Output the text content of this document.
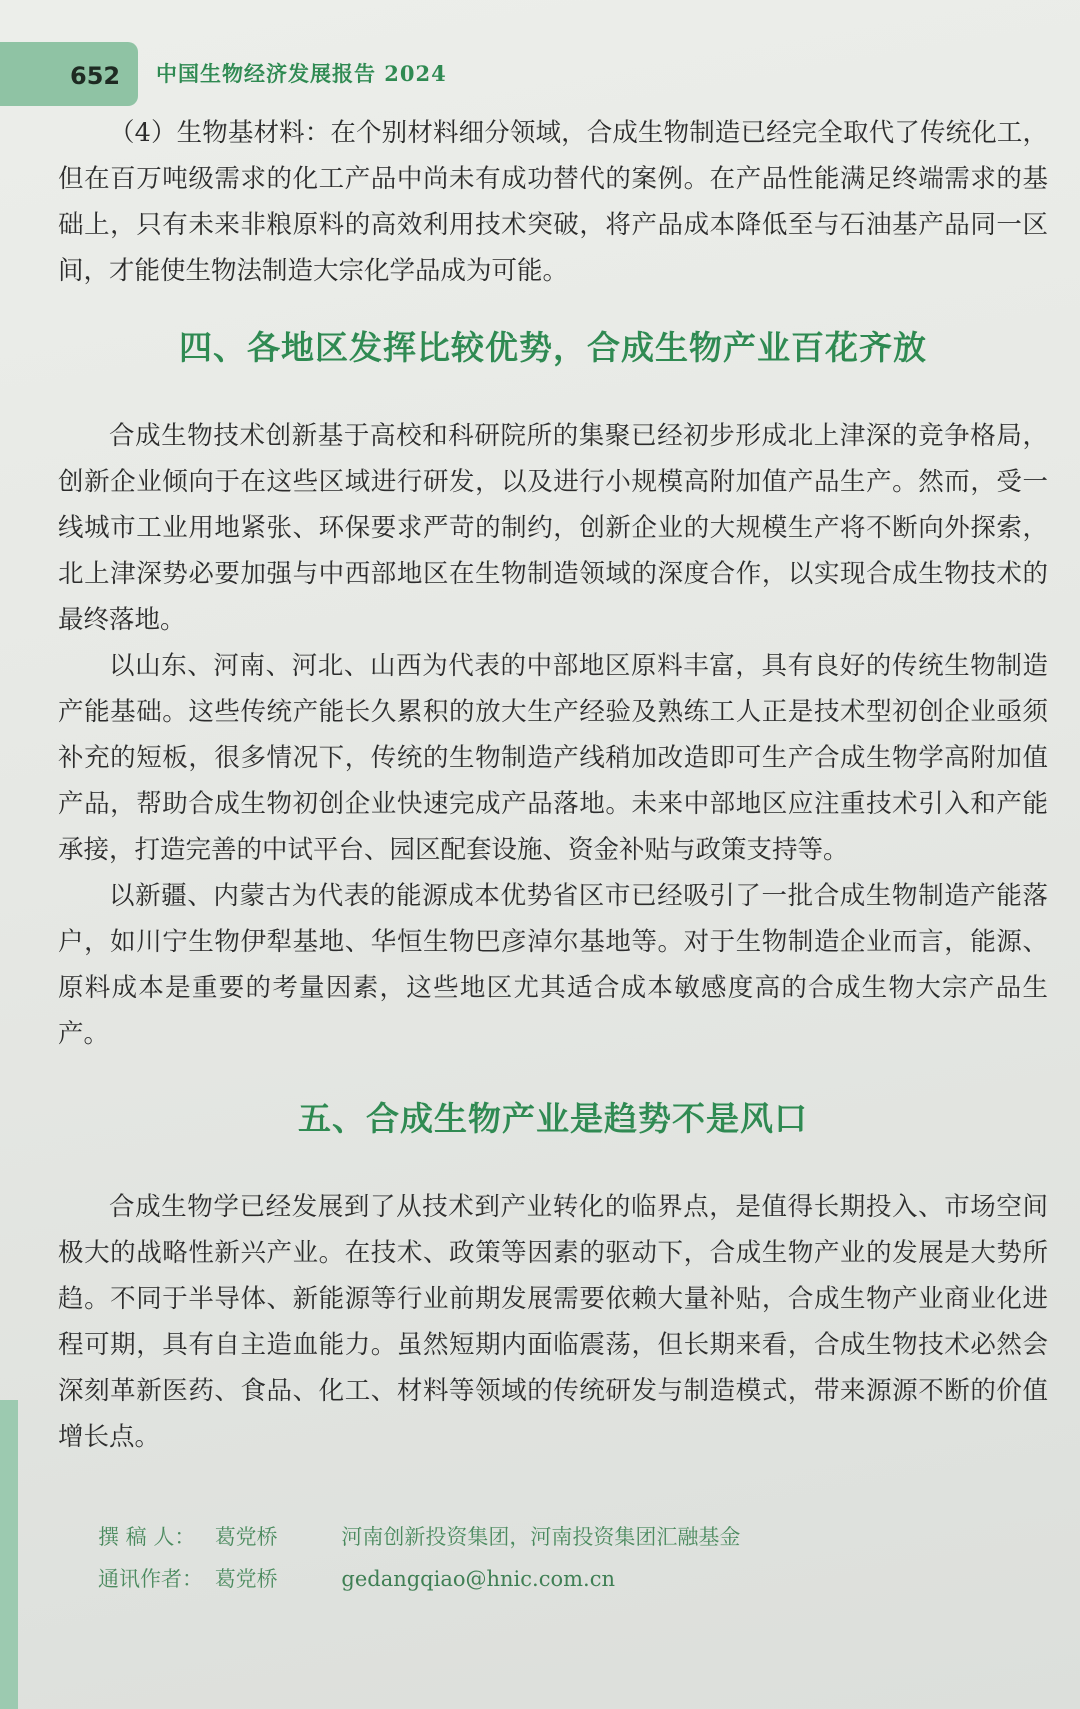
652 中国生物经济发展报告 2024

（4）生物基材料：在个别材料细分领域，合成生物制造已经完全取代了传统化工，但在百万吨级需求的化工产品中尚未有成功替代的案例。在产品性能满足终端需求的基础上，只有未来非粮原料的高效利用技术突破，将产品成本降低至与石油基产品同一区间，才能使生物法制造大宗化学品成为可能。

四、各地区发挥比较优势，合成生物产业百花齐放

合成生物技术创新基于高校和科研院所的集聚已经初步形成北上津深的竞争格局，创新企业倾向于在这些区域进行研发，以及进行小规模高附加值产品生产。然而，受一线城市工业用地紧张、环保要求严苛的制约，创新企业的大规模生产将不断向外探索，北上津深势必要加强与中西部地区在生物制造领域的深度合作，以实现合成生物技术的最终落地。

以山东、河南、河北、山西为代表的中部地区原料丰富，具有良好的传统生物制造产能基础。这些传统产能长久累积的放大生产经验及熟练工人正是技术型初创企业亟须补充的短板，很多情况下，传统的生物制造产线稍加改造即可生产合成生物学高附加值产品，帮助合成生物初创企业快速完成产品落地。未来中部地区应注重技术引入和产能承接，打造完善的中试平台、园区配套设施、资金补贴与政策支持等。

以新疆、内蒙古为代表的能源成本优势省区市已经吸引了一批合成生物制造产能落户，如川宁生物伊犁基地、华恒生物巴彦淖尔基地等。对于生物制造企业而言，能源、原料成本是重要的考量因素，这些地区尤其适合成本敏感度高的合成生物大宗产品生产。

五、合成生物产业是趋势不是风口

合成生物学已经发展到了从技术到产业转化的临界点，是值得长期投入、市场空间极大的战略性新兴产业。在技术、政策等因素的驱动下，合成生物产业的发展是大势所趋。不同于半导体、新能源等行业前期发展需要依赖大量补贴，合成生物产业商业化进程可期，具有自主造血能力。虽然短期内面临震荡，但长期来看，合成生物技术必然会深刻革新医药、食品、化工、材料等领域的传统研发与制造模式，带来源源不断的价值增长点。

撰 稿 人： 葛党桥	河南创新投资集团，河南投资集团汇融基金
通讯作者： 葛党桥	gedangqiao@hnic.com.cn
